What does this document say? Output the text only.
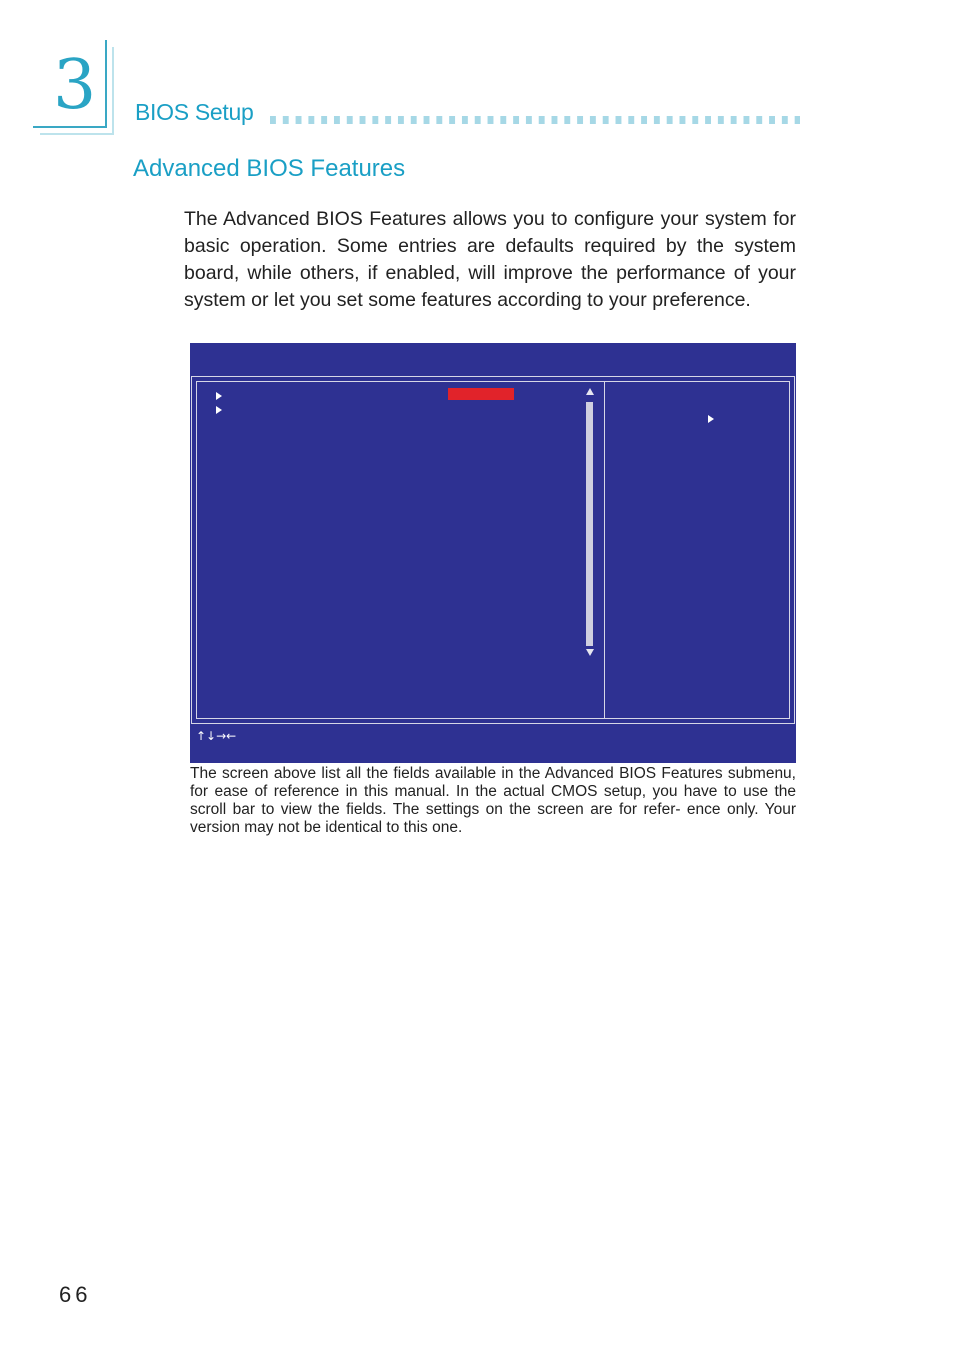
3 BIOS Setup
Advanced BIOS Features

The Advanced BIOS Features allows you to configure your system for basic operation. Some entries are defaults required by the system board, while others, if enabled, will improve the performance of your system or let you set some features according to your preference.

↑↓→←

The screen above list all the fields available in the Advanced BIOS Features submenu, for ease of reference in this manual. In the actual CMOS setup, you have to use the scroll bar to view the fields. The settings on the screen are for refer- ence only. Your version may not be identical to this one.

66
